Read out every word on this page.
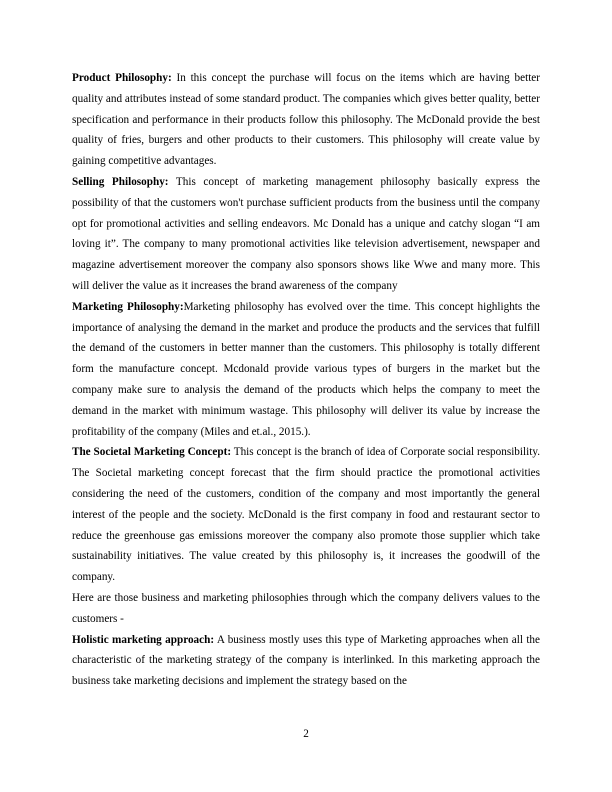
Product Philosophy: In this concept the purchase will focus on the items which are having better quality and attributes instead of some standard product. The companies which gives better quality, better specification and performance in their products follow this philosophy. The McDonald provide the best quality of fries, burgers and other products to their customers. This philosophy will create value by gaining competitive advantages.

Selling Philosophy: This concept of marketing management philosophy basically express the possibility of that the customers won't purchase sufficient products from the business until the company opt for promotional activities and selling endeavors. Mc Donald has a unique and catchy slogan “I am loving it”. The company to many promotional activities like television advertisement, newspaper and magazine advertisement moreover the company also sponsors shows like Wwe and many more. This will deliver the value as it increases the brand awareness of the company

Marketing Philosophy:Marketing philosophy has evolved over the time. This concept highlights the importance of analysing the demand in the market and produce the products and the services that fulfill the demand of the customers in better manner than the customers. This philosophy is totally different form the manufacture concept. Mcdonald provide various types of burgers in the market but the company make sure to analysis the demand of the products which helps the company to meet the demand in the market with minimum wastage. This philosophy will deliver its value by increase the profitability of the company (Miles and et.al., 2015.).

The Societal Marketing Concept: This concept is the branch of idea of Corporate social responsibility. The Societal marketing concept forecast that the firm should practice the promotional activities considering the need of the customers, condition of the company and most importantly the general interest of the people and the society. McDonald is the first company in food and restaurant sector to reduce the greenhouse gas emissions moreover the company also promote those supplier which take sustainability initiatives. The value created by this philosophy is, it increases the goodwill of the company.

Here are those business and marketing philosophies through which the company delivers values to the customers -

Holistic marketing approach: A business mostly uses this type of Marketing approaches when all the characteristic of the marketing strategy of the company is interlinked. In this marketing approach the business take marketing decisions and implement the strategy based on the

2
